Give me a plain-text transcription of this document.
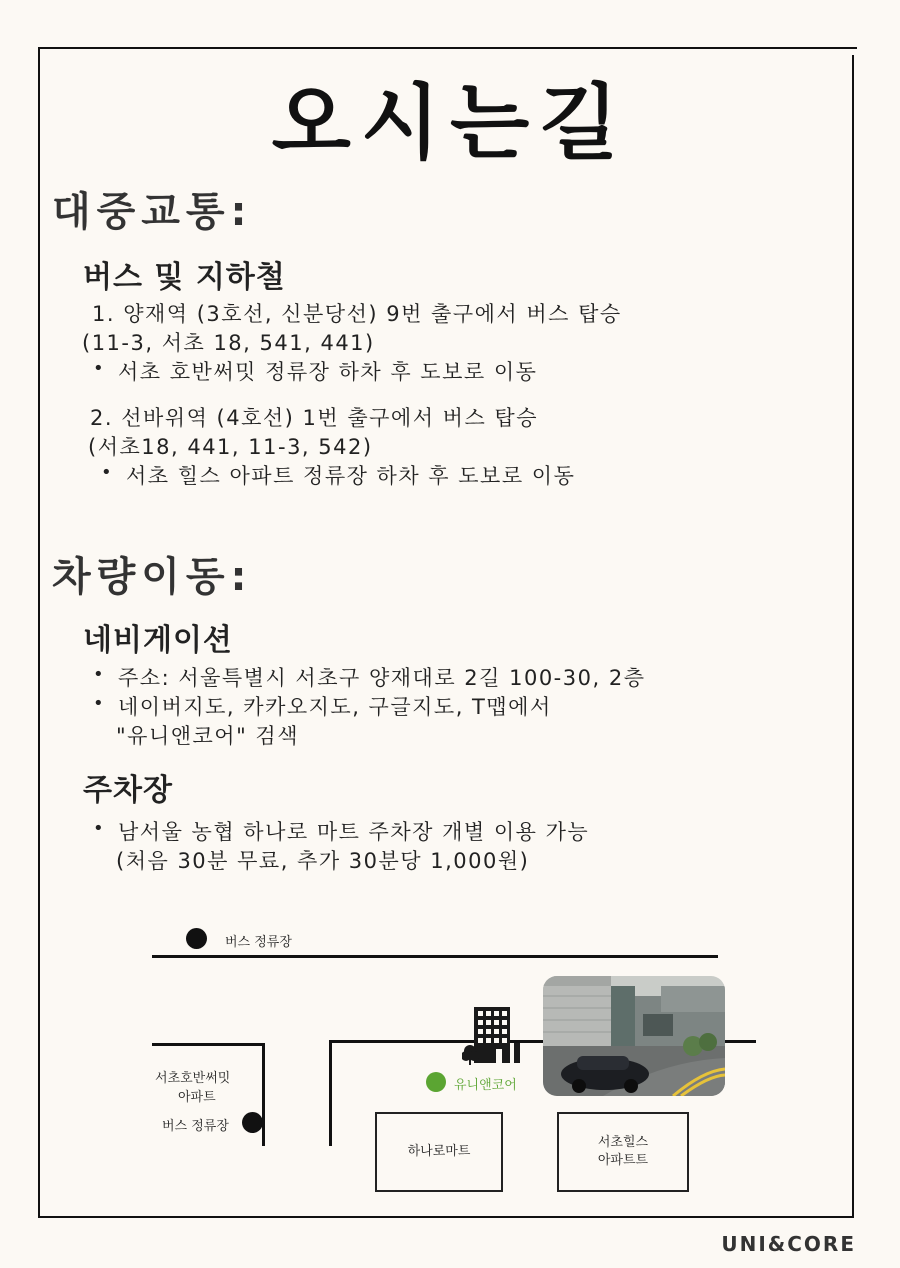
오시는길
대중교통:
버스 및 지하철
1. 양재역 (3호선, 신분당선) 9번 출구에서 버스 탑승
(11-3, 서초 18, 541, 441)
• 서초 호반써밋 정류장 하차 후 도보로 이동
2. 선바위역 (4호선) 1번 출구에서 버스 탑승
(서초18, 441, 11-3, 542)
• 서초 힐스 아파트 정류장 하차 후 도보로 이동
차량이동:
네비게이션
• 주소: 서울특별시 서초구 양재대로 2길 100-30, 2층
• 네이버지도, 카카오지도, 구글지도, T맵에서
"유니앤코어" 검색
주차장
• 남서울 농협 하나로 마트 주차장 개별 이용 가능
(처음 30분 무료, 추가 30분당 1,000원)
버스 정류장
서초호반써밋
아파트
버스 정류장
유니앤코어
하나로마트
서초힐스
아파트트
UNI&CORE
